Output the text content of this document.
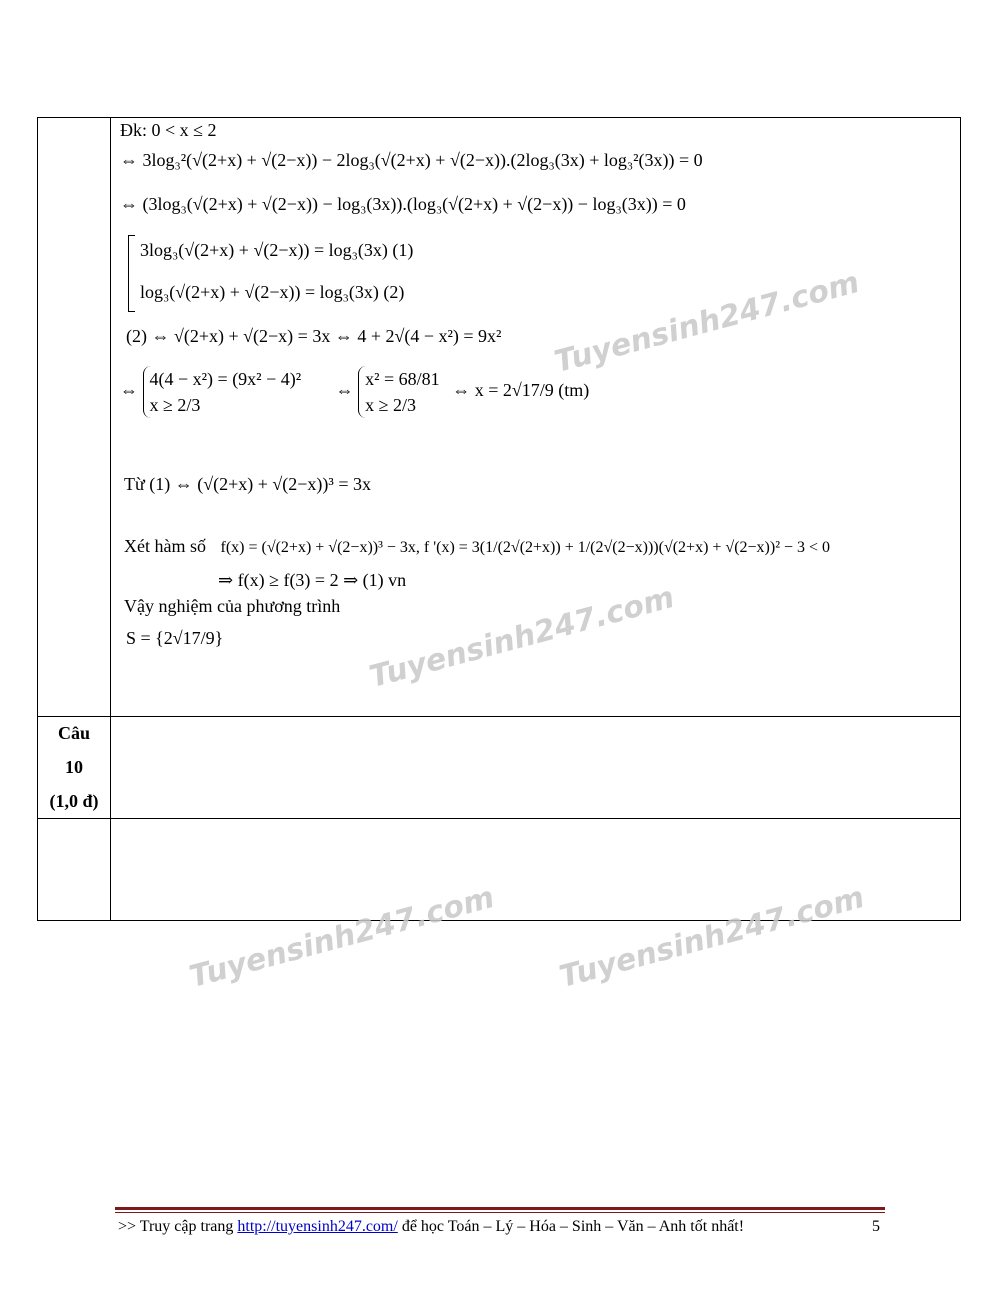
Câu
10
(1,0 đ)
Đk: 0 < x ≤ 2
⇔ 3log₃²(√(2+x) + √(2−x)) − 2log₃(√(2+x) + √(2−x)).(2log₃(3x) + log₃²(3x)) = 0
⇔ (3log₃(√(2+x) + √(2−x)) − log₃(3x)).(log₃(√(2+x) + √(2−x)) − log₃(3x)) = 0
3log₃(√(2+x) + √(2−x)) = log₃(3x) (1)
log₃(√(2+x) + √(2−x)) = log₃(3x) (2)
(2) ⇔ √(2+x) + √(2−x) = 3x ⇔ 4 + 2√(4 − x²) = 9x²
⇔
4(4 − x²) = (9x² − 4)²
x ≥ 2/3
⇔
x² = 68/81
x ≥ 2/3
⇔ x = 2√17/9 (tm)
Từ (1) ⇔ (√(2+x) + √(2−x))³ = 3x
Xét hàm số f(x) = (√(2+x) + √(2−x))³ − 3x, f '(x) = 3(1/(2√(2+x)) + 1/(2√(2−x)))(√(2+x) + √(2−x))² − 3 < 0
⇒ f(x) ≥ f(3) = 2 ⇒ (1) vn
Vậy nghiệm của phương trình
S = {2√17/9}	Tuyensinh247.com
Tuyensinh247.com
Tuyensinh247.com Tuyensinh247.com
>> Truy cập trang http://tuyensinh247.com/ để học Toán – Lý – Hóa – Sinh – Văn – Anh tốt nhất!	5
